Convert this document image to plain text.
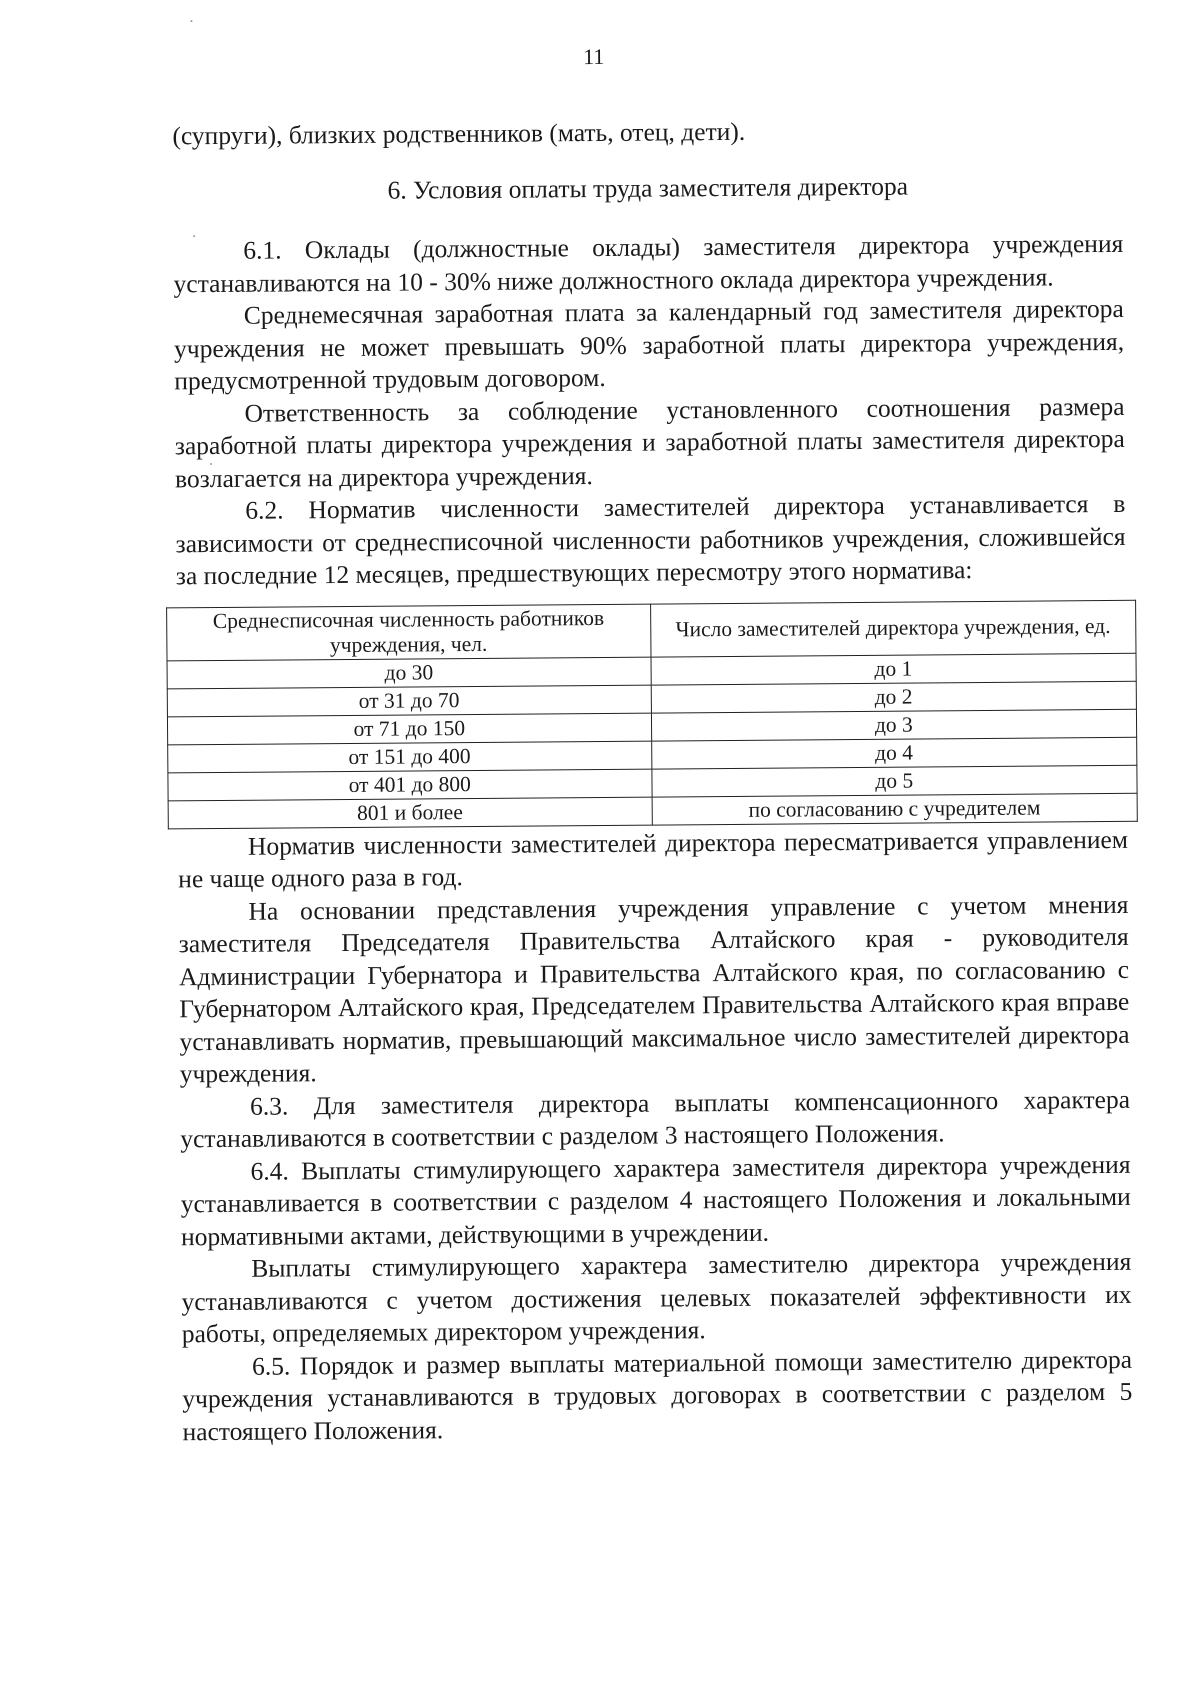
11

(супруги), близких родственников (мать, отец, дети).

6. Условия оплаты труда заместителя директора

6.1. Оклады (должностные оклады) заместителя директора учреждения устанавливаются на 10 - 30% ниже должностного оклада директора учреждения.

Среднемесячная заработная плата за календарный год заместителя директора учреждения не может превышать 90% заработной платы директора учреждения, предусмотренной трудовым договором.

Ответственность за соблюдение установленного соотношения размера заработной платы директора учреждения и заработной платы заместителя директора возлагается на директора учреждения.

6.2. Норматив численности заместителей директора устанавливается в зависимости от среднесписочной численности работников учреждения, сложившейся за последние 12 месяцев, предшествующих пересмотру этого норматива:

Среднесписочная численность работников учреждения, чел.	Число заместителей директора учреждения, ед.
до 30	до 1
от 31 до 70	до 2
от 71 до 150	до 3
от 151 до 400	до 4
от 401 до 800	до 5
801 и более	по согласованию с учредителем

Норматив численности заместителей директора пересматривается управлением не чаще одного раза в год.

На основании представления учреждения управление с учетом мнения заместителя Председателя Правительства Алтайского края - руководителя Администрации Губернатора и Правительства Алтайского края, по согласованию с Губернатором Алтайского края, Председателем Правительства Алтайского края вправе устанавливать норматив, превышающий максимальное число заместителей директора учреждения.

6.3. Для заместителя директора выплаты компенсационного характера устанавливаются в соответствии с разделом 3 настоящего Положения.

6.4. Выплаты стимулирующего характера заместителя директора учреждения устанавливается в соответствии с разделом 4 настоящего Положения и локальными нормативными актами, действующими в учреждении.

Выплаты стимулирующего характера заместителю директора учреждения устанавливаются с учетом достижения целевых показателей эффективности их работы, определяемых директором учреждения.

6.5. Порядок и размер выплаты материальной помощи заместителю директора учреждения устанавливаются в трудовых договорах в соответствии с разделом 5 настоящего Положения.
